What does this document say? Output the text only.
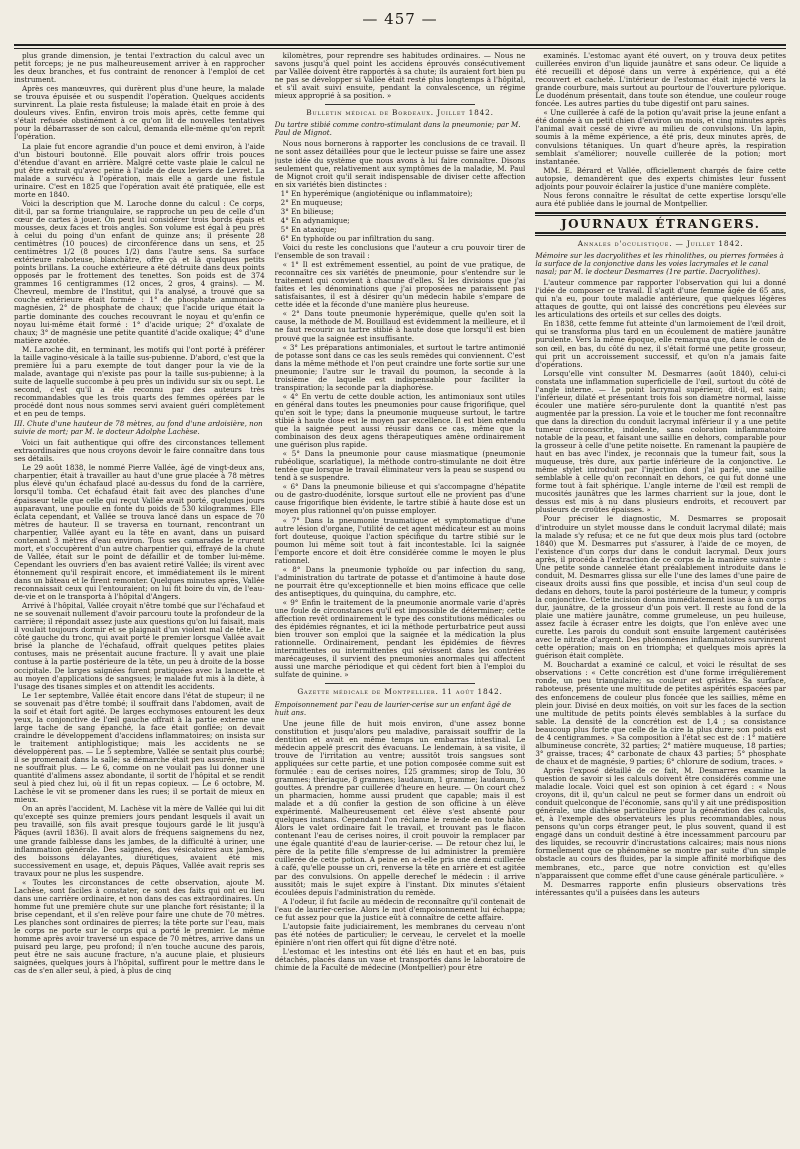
— 457 —

plus grande dimension, je tentai l'extraction du calcul avec un petit forceps; je ne pus malheureusement arriver à en rapprocher les deux branches, et fus contraint de renoncer à l'emploi de cet instrument.

Après ces manœuvres, qui durèrent plus d'une heure, la malade se trouva épuisée et ou suspendit l'opération. Quelques accidents survinrent. La plaie resta fistuleuse; la malade était en proie à des douleurs vives. Enfin, environ trois mois après, cette femme qui s'était refusée obstinément à ce qu'on lit de nouvelles tentatives pour la débarrasser de son calcul, demanda elle-même qu'on reprît l'opération.

La plaie fut encore agrandie d'un pouce et demi environ, à l'aide d'un bistouri boutonné. Elle pouvait alors offrir trois pouces d'étendue d'avant en arrière. Malgré cette vaste plaie le calcul ne put être extrait qu'avec peine à l'aide de deux leviers de Levret. La malade a survécu à l'opération, mais elle a garde une fistule urinaire. C'est en 1825 que l'opération avait été pratiquée, elle est morte en 1840.

Voici la description que M. Laroche donne du calcul : Ce corps, dit-il, par sa forme triangulaire, se rapproche un peu de celle d'un cœur de cartes à jouer. On peut lui considérer trois bords épais et mousses, deux faces et trois angles. Son volume est égal à peu près à celui du poing d'un enfant de quinze ans; il présente 28 centimètres (10 pouces) de circonférence dans un sens, et 25 centimètres 1/2 (8 pouces 1/2) dans l'autre sens. Sa surface extérieure raboteuse, blanchâtre, offre çà et là quelques petits points brillans. La couche extérieure a été détruite dans deux points opposés par le frottement des tenettes. Son poids est de 374 grammes 16 centigrammes (12 onces, 2 gros, 4 grains). — M. Chevreul, membre de l'Institut, qui l'a analysé, a trouvé que sa couche extérieure était formée : 1° de phosphate ammoniaco-magnésien, 2° de phosphate de chaux; que l'acide urique était la partie dominante des couches recouvrant le noyau et qu'enfin ce noyau lui-même était formé : 1° d'acide urique; 2° d'oxalate de chaux; 3° de magnésie une petite quantité d'acide oxalique; 4° d'une matière azotée.

M. Laroche dit, en terminant, les motifs qui l'ont porté à préférer la taille vagino-vésicale à la taille sus-pubienne. D'abord, c'est que la première lui a paru exempte de tout danger pour la vie de la malade, avantage qui n'existe pas pour la taille sus-pubienne; à la suite de laquelle succombe à peu près un individu sur six ou sept. Le second, c'est qu'il a été reconnu par des auteurs très recommandables que les trois quarts des femmes opérées par le procédé dont nous nous sommes servi avaient guéri complètement et en peu de temps.

III. Chute d'une hauteur de 78 mètres, au fond d'une ardoisière, non suivie de mort; par M. le docteur Adolphe Lachèse.

Voici un fait authentique qui offre des circonstances tellement extraordinaires que nous croyons devoir le faire connaître dans tous ses détails.

Le 29 août 1838, le nommé Pierre Vallée, âgé de vingt-deux ans, charpentier, était à travailler au haut d'une grue placée à 78 mètres plus élevé qu'un échafaud placé au-dessus du fond de la carrière, lorsqu'il tomba. Cet échafaud était fait avec des planches d'une épaisseur telle que celle qui reçut Vallée avait porté, quelques jours auparavant, une poulie en fonte du poids de 530 kilogrammes. Elle éclata cependant, et Vallée se trouva lancé dans un espace de 70 mètres de hauteur. Il se traversa en tournant, rencontrant un charpentier, Vallée ayant eu la tête en avant, dans un puisard contenant 3 mètres d'eau environ. Tous ses camarades le crurent mort, et s'occupèrent d'un autre charpentier qui, effrayé de la chute de Vallée, était sur le point de défaillir et de tomber lui-même. Cependant les ouvriers d'en bas avaient retiré Vallée; ils virent avec étonnement qu'il respirait encore, et immédiatement ils le mirent dans un bâteau et le firent remonter. Quelques minutes après, Vallée reconnaissait ceux qui l'entouraient; on lui fit boire du vin, de l'eau-de-vie et on le transporta à l'hôpital d'Angers.

Arrivé à l'hôpital, Vallée croyait n'être tombé que sur l'échafaud et ne se souvenait nullement d'avoir parcouru toute la profondeur de la carrière; il répondait assez juste aux questions qu'on lui faisait, mais il voulait toujours dormir et se plaignait d'un violent mal de tête. Le côté gauche du tronc, qui avait porté le premier lorsque Vallée avait brisé la planche de l'échafaud, offrait quelques petites plaies contuses, mais ne présentait aucune fracture. Il y avait une plaie contuse à la partie postérieure de la tête, un peu à droite de la bosse occipitale. De larges saignées furent pratiquées avec la lancette et au moyen d'applications de sangsues; le malade fut mis à la diète, à l'usage des tisanes simples et on attendit les accidents.

Le 1er septembre, Vallée était encore dans l'état de stupeur; il ne se souvenait pas d'être tombé; il souffrait dans l'abdomen, avait de la soif et était fort agité. De larges ecchymoses entourent les deux yeux, la conjonctive de l'œil gauche offrait à la partie externe une large tache de sang épanché, la face était gonflée; on devait craindre le développement d'accidens inflammatoires; on insista sur le traitement antiphlogistique; mais les accidents ne se développèrent pas. — Le 5 septembre, Vallée se sentait plus courbé; il se promenait dans la salle; sa démarche était peu assurée, mais il ne souffrait plus. — Le 6, comme on ne voulait pas lui donner une quantité d'alimens assez abondante, il sortit de l'hôpital et se rendit seul à pied chez lui, où il fit un repas copieux. — Le 6 octobre, M. Lachèse le vit se promener dans les rues; il se portait de mieux en mieux.

On an après l'accident, M. Lachèse vit la mère de Vallée qui lui dit qu'excepté ses quinze premiers jours pendant lesquels il avait un peu travaillé, son fils avait presque toujours gardé le lit jusqu'à Pâques (avril 1836). Il avait alors de fréquens saignemens du nez, une grande faiblesse dans les jambes, de la difficulté à uriner, une inflammation générale. Des saignées, des vésicatoires aux jambes, des boissons délayantes, diurétiques, avaient été mis successivement en usage, et, depuis Pâques, Vallée avait repris ses travaux pour ne plus les suspendre.

« Toutes les circonstances de cette observation, ajoute M. Lachèse, sont faciles à constater, ce sont des faits qui ont eu lieu dans une carrière ordinaire, et non dans des cas extraordinaires. Un homme fut une première chute sur une planche fort résistante; il la brise cependant, et il s'en relève pour faire une chute de 70 mètres. Les planches sont ordinaires de pierres; la tête porte sur l'eau, mais le corps ne porte sur le corps qui a porté le premier. Le même homme après avoir traversé un espace de 70 mètres, arrive dans un puisard peu large, peu profond; il n'en touche aucune des parois, peut être ne sais aucune fracture, n'a aucune plaie, et plusieurs saignées, quelques jours à l'hôpital, suffirent pour le mettre dans le cas de s'en aller seul, à pied, à plus de cinq

kilomètres, pour reprendre ses habitudes ordinaires. — Nous ne savons jusqu'à quel point les accidens éprouvés consécutivement par Vallée doivent être rapportés à sa chute; ils auraient fort bien pu ne pas se développer si Vallée était resté plus longtemps à l'hôpital, et s'il avait suivi ensuite, pendant la convalescence, un régime mieux approprié à sa position. »

Bulletin médical de Bordeaux. Juillet 1842.

Du tartre stibié comme contro-stimulant dans la pneumonie; par M. Paul de Mignot.

Nous nous bornerons à rapporter les conclusions de ce travail. Il ne sont assez détaillées pour que le lecteur puisse se faire une assez juste idée du système que nous avons à lui faire connaître. Disons seulement que, relativement aux symptômes de la maladie, M. Paul de Mignot croit qu'il serait indispensable de diviser cette affection en six variétés bien distinctes :

1° En hyperémique (angioténique ou inflammatoire);

2° En muqueuse;

3° En bilieuse;

4° En adynamique;

5° En ataxique;

6° En typhoïde ou par infiltration du sang.

Voici du reste les conclusions que l'auteur a cru pouvoir tirer de l'ensemble de son travail :

« 1° Il est extrêmement essentiel, au point de vue pratique, de reconnaître ces six variétés de pneumonie, pour s'entendre sur le traitement qui convient à chacune d'elles. Si les divisions que j'ai faites et les dénominations que j'ai proposées ne paraissent pas satisfaisantes, il est à désirer qu'un médecin habile s'empare de cette idée et la féconde d'une manière plus heureuse.

« 2° Dans toute pneumonie hyperémique, quelle qu'en soit la cause, la méthode de M. Bouillaud est évidemment la meilleure, et il ne faut recourir au tartre stibié à haute dose que lorsqu'il est bien prouvé que la saignée est insuffisante.

« 3° Les préparations antimoniales, et surtout le tartre antimonié de potasse sont dans ce cas les seuls remèdes qui conviennent. C'est dans la même méthode et l'on peut craindre une forte sortie sur une pneumonie; l'autre sur le travail du poumon, la seconde à la troisième de laquelle est indispensable pour faciliter la transpiration; la seconde par la diaphorèse.

« 4° En vertu de cette double action, les antimoniaux sont utiles en général dans toutes les pneumonies pour cause frigorifique, quel qu'en soit le type; dans la pneumonie muqueuse surtout, le tartre stibié à haute dose est le moyen par excellence. Il est bien entendu que la saignée peut aussi réussir dans ce cas, même que la combinaison des deux agens thérapeutiques amène ordinairement une guérison plus rapide.

« 5° Dans la pneumonie pour cause miasmatique (pneumonie rubéolique, scarlatique), la méthode contro-stimulante ne doit être tentée que lorsque le travail éliminateur vers la peau se suspend ou tend à se suspendre.

« 6° Dans la pneumonie bilieuse et qui s'accompagne d'hépatite ou de gastro-duodénite, lorsque surtout elle ne provient pas d'une cause frigorifique bien évidente, le tartre stibié à haute dose est un moyen plus rationnel qu'on puisse employer.

« 7° Dans la pneumonie traumatique et symptomatique d'une autre lésion d'organe, l'utilité de cet agent médicateur est au moins fort douteuse, quoique l'action spécifique du tartre stibié sur le poumon lui même soit tout à fait incontestable. Ici la saignée l'emporte encore et doit être considérée comme le moyen le plus rationnel.

« 8° Dans la pneumonie typhoïde ou par infection du sang, l'administration du tartrate de potasse et d'antimoine à haute dose ne pourrait être qu'exceptionnelle et bien moins efficace que celle des antiseptiques, du quinquina, du camphre, etc.

« 9° Enfin le traitement de la pneumonie anormale varie d'après une foule de circonstances qu'il est impossible de déterminer; cette affection revêt ordinairement le type des constitutions médicales ou des épidémies régnantes, et ici la méthode perturbatrice peut aussi bien trouver son emploi que la saignée et la médication la plus rationnelle. Ordinairement, pendant les épidémies de fièvres intermittentes ou intermittentes qui sévissent dans les contrées marécageuses, il survient des pneumonies anormales qui affectent aussi une marche périodique et qui cèdent fort bien à l'emploi du sulfate de quinine. »

Gazette médicale de Montpellier. 11 août 1842.

Empoisonnement par l'eau de laurier-cerise sur un enfant âgé de huit ans.

Une jeune fille de huit mois environ, d'une assez bonne constitution et jusqu'alors peu maladive, paraissait souffrir de la dentition et avait en même temps un embarras intestinal. Le médecin appelé prescrit des évacuans. Le lendemain, à sa visite, il trouve de l'irritation au ventre; aussitôt trois sangsues sont appliquées sur cette partie, et une potion composée comme suit est formulée : eau de cerises noires, 125 grammes; sirop de Tolu, 30 grammes; thériaque, 8 grammes; laudanum, 1 gramme; laudanum, 5 gouttes. A prendre par cuillerée d'heure en heure. — On court chez un pharmacien, homme aussi prudent que capable; mais il est malade et a dû confier la gestion de son officine à un élève expérimenté. Malheureusement cet élève s'est absenté pour quelques instans. Cependant l'on réclame le remède en toute hâte. Alors le valet ordinaire fait le travail, et trouvant pas le flacon contenant l'eau de cerises noires, il croit pouvoir la remplacer par une égale quantité d'eau de laurier-cerise. — De retour chez lui, le père de la petite fille s'empresse de lui administrer la première cuillerée de cette potion. A peine en a-t-elle pris une demi cuillerée à café, qu'elle pousse un cri, renverse la tête en arrière et est agitée par des convulsions. On appelle derechef le médecin : il arrive aussitôt; mais le sujet expire à l'instant. Dix minutes s'étaient écoulées depuis l'administration du remède.

A l'odeur, il fut facile au médecin de reconnaître qu'il contenait de l'eau de laurier-cerise. Alors le mot d'empoisonnement lui échappa; ce fut assez pour que la justice eût à connaître de cette affaire.

L'autopsie faite judiciairement, les membranes du cerveau n'ont pas été notées de particulier; le cerveau, le cervelet et la moelle épinière n'ont rien offert qui fût digne d'être noté.

L'estomac et les intestins ont été liés en haut et en bas, puis détachés, placés dans un vase et transportés dans le laboratoire de chimie de la Faculté de médecine (Montpellier) pour être

examinés. L'estomac ayant été ouvert, on y trouva deux petites cuillerées environ d'un liquide jaunâtre et sans odeur. Ce liquide a été recueilli et déposé dans un verre à expérience, qui a été recouvert et cacheté. L'intérieur de l'estomac était injecté vers la grande courbure, mais surtout au pourtour de l'ouverture pylorique. Le duodénum présentait, dans toute son étendue, une couleur rouge foncée. Les autres parties du tube digestif ont paru saines.

« Une cuillerée à café de la potion qu'avait prise la jeune enfant a été donnée à un petit chien d'environ un mois, et cinq minutes après l'animal avait cessé de vivre au milieu de convulsions. Un lapin, soumis à la même expérience, a été pris, deux minutes après, de convulsions tétaniques. Un quart d'heure après, la respiration semblait s'améliorer; nouvelle cuillerée de la potion; mort instantanée.

MM. E. Bérard et Vallée, officiellement chargés de faire cette autopsie, demandèrent que des experts chimistes leur fussent adjoints pour pouvoir éclairer la justice d'une manière complète.

Nous ferons connaître le résultat de cette expertise lorsqu'elle aura été publiée dans le journal de Montpellier.

JOURNAUX ÉTRANGERS.

Annales d'oculistique. — Juillet 1842.

Mémoire sur les dacryolithes et les rhinolithes, ou pierres formées à la surface de la conjonctive dans les voies lacrymales et le canal nasal; par M. le docteur Desmarres (1re partie. Dacryolithes).

L'auteur commence par rapporter l'observation qui lui a donné l'idée de composer ce travail. Il s'agit d'une femme âgée de 65 ans, qui n'a eu, pour toute maladie antérieure, que quelques légères attaques de goutte, qui ont laissé des concrétions peu élevées sur les articulations des orteils et sur celles des doigts.

En 1838, cette femme fut atteinte d'un larmoiement de l'œil droit, qui se transforma plus tard en un écoulement de matière jaunâtre purulente. Vers la même époque, elle remarqua que, dans le coin de son œil, en bas, du côté du nez, il s'était formé une petite grosseur, qui prit un accroissement successif, et qu'on n'a jamais faite d'opérations.

Lorsqu'elle vint consulter M. Desmarres (août 1840), celui-ci constata une inflammation superficielle de l'œil, surtout du côté de l'angle interne. — Le point lacrymal supérieur, dit-il, est sain; l'inférieur, dilaté et présentant trois fois son diamètre normal, laisse écouler une matière séro-purulente dont la quantité n'est pas augmentée par la pression. La voie et le toucher me font reconnaître que dans la direction du conduit lacrymal inférieur il y a une petite tumeur circonscrite, indolente, sans coloration inflammatoire notable de la peau, et faisant une saillie en dehors, comparable pour la grosseur à celle d'une petite noisette. En ramenant la paupière de haut en bas avec l'index, je reconnais que la tumeur fait, sous la muqueuse, très dure, aux partie inférieure de la conjonctive. Le même stylet introduit par l'injection dont j'ai parlé, une saillie semblable à celle qu'on reconnaît en dehors, ce qui fut donné une forme tout à fait sphérique. L'angle interne de l'œil est rempli de mucosités jaunâtres que les larmes charrient sur la joue, dont le dessus est mis à nu dans plusieurs endroits, et recouvert par plusieurs de croûtes épaisses. »

Pour préciser le diagnostic, M. Desmarres se proposait d'introduire un stylet mousse dans le conduit lacrymal dilaté; mais la malade s'y refusa; et ce ne fut que deux mois plus tard (octobre 1840) que M. Desmarres put s'assurer, à l'aide de ce moyen, de l'existence d'un corps dur dans le conduit lacrymal. Deux jours après, il procéda à l'extraction de ce corps de la manière suivante : Une petite sonde cannelée étant préalablement introduite dans le conduit, M. Desmarres glissa sur elle l'une des lames d'une paire de ciseaux droits aussi fins que possible, et incisa d'un seul coup de dedans en dehors, toute la paroi postérieure de la tumeur, y compris la conjonctive. Cette incision donna immédiatement issue à un corps dur, jaunâtre, de la grosseur d'un pois vert. Il reste au fond de la plaie une matière jaunâtre, comme grumeleuse, un peu huileuse, assez facile à écraser entre les doigts, que l'on enlève avec une curette. Les parois du conduit sont ensuite largement cautérisées avec le nitrate d'argent. Des phénomènes inflammatoires survinrent cette opération; mais on en triompha; et quelques mois après la guérison était complète.

M. Bouchardat a examiné ce calcul, et voici le résultat de ses observations : « Cette concrétion est d'une forme irrégulièrement ronde, un peu triangulaire; sa couleur est grisâtre. Sa surface, raboteuse, présente une multitude de petites aspérités espacées par des enfoncemens de couleur plus foncée que les saillies, même en plein jour. Divisé en deux moitiés, on voit sur les faces de la section une multitude de petits points élevés semblables à la surface du sable. La densité de la concrétion est de 1,4 ; sa consistance beaucoup plus forte que celle de la cire la plus dure; son poids est de 4 centigrammes. » Sa composition à l'état sec est de : 1° matière albumineuse concrète, 32 parties; 2° matière muqueuse, 18 parties; 3° graisse, traces; 4° carbonate de chaux 43 parties; 5° phosphate de chaux et de magnésie, 9 parties; 6° chlorure de sodium, traces. »

Après l'exposé détaillé de ce fait, M. Desmarres examine la question de savoir si les calculs doivent être considérés comme une maladie locale. Voici quel est son opinion à cet égard : « Nous croyons, dit il, qu'un calcul ne peut se former dans un endroit où conduit quelconque de l'économie, sans qu'il y ait une prédisposition générale, une diathèse particulière pour la génération des calculs, et, à l'exemple des observateurs les plus recommandables, nous pensons qu'un corps étranger peut, le plus souvent, quand il est engagé dans un conduit destiné à être incessamment parcouru par des liquides, se recouvrir d'incrustations calcaires; mais nous nions formellement que ce phénomène se montre par suite d'un simple obstacle au cours des fluides, par la simple affinité morbifique des membranes, etc., parce que notre conviction est qu'elles n'apparaissent que comme effet d'une cause générale particulière. »

M. Desmarres rapporte enfin plusieurs observations très intéressantes qu'il a puisées dans les auteurs
